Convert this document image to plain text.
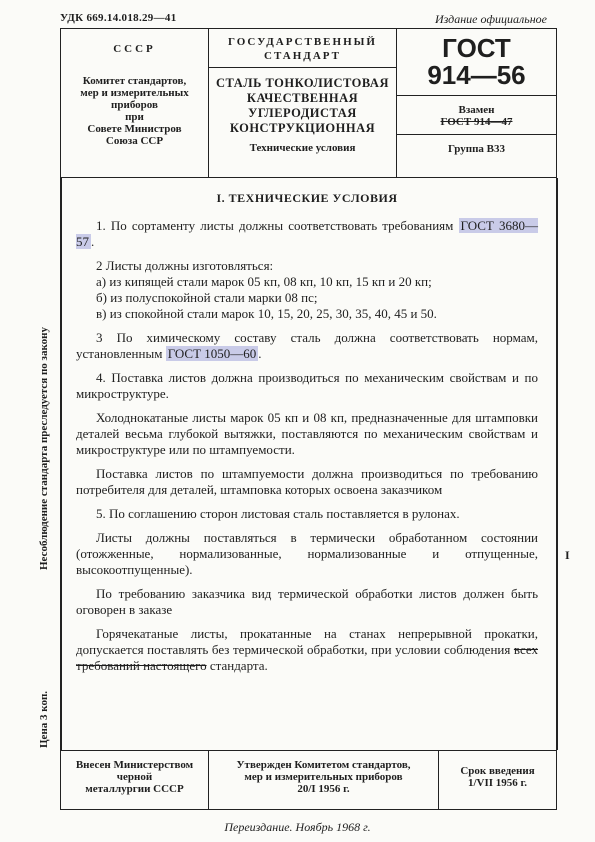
УДК 669.14.018.29—41	Издание официальное
СССР
Комитет стандартов,
мер и измерительных
приборов
при
Совете Министров
Союза ССР
ГОСУДАРСТВЕННЫЙ
СТАНДАРТ
СТАЛЬ ТОНКОЛИСТОВАЯ
КАЧЕСТВЕННАЯ
УГЛЕРОДИСТАЯ
КОНСТРУКЦИОННАЯ
Технические условия
ГОСТ
914—56
Взамен
ГОСТ 914—47
Группа В33
Несоблюдение стандарта преследуется по закону
Цена 3 коп.
I
I. ТЕХНИЧЕСКИЕ УСЛОВИЯ

1. По сортаменту листы должны соответствовать требованиям ГОСТ 3680—57 .

2 Листы должны изготовляться:

а) из кипящей стали марок 05 кп, 08 кп, 10 кп, 15 кп и 20 кп;

б) из полуспокойной стали марки 08 пс;

в) из спокойной стали марок 10, 15, 20, 25, 30, 35, 40, 45 и 50.

3 По химическому составу сталь должна соответствовать нормам, установленным ГОСТ 1050—60 .

4. Поставка листов должна производиться по механическим свойствам и по микроструктуре.

Холоднокатаные листы марок 05 кп и 08 кп, предназначенные для штамповки деталей весьма глубокой вытяжки, поставляются по механическим свойствам и микроструктуре или по штампуемости.

Поставка листов по штампуемости должна производиться по требованию потребителя для деталей, штамповка которых освоена заказчиком

5. По соглашению сторон листовая сталь поставляется в рулонах.

Листы должны поставляться в термически обработанном состоянии (отожженные, нормализованные, нормализованные и отпущенные, высокоотпущенные).

По требованию заказчика вид термической обработки листов должен быть оговорен в заказе

Горячекатаные листы, прокатанные на станах непрерывной прокатки, допускается поставлять без термической обработки, при условии соблюдения всех требований настоящего стандарта.

Внесен Министерством
черной
металлургии СССР
Утвержден Комитетом стандартов,
мер и измерительных приборов
20/I 1956 г.
Срок введения
1/VII 1956 г.
Переиздание. Ноябрь 1968 г.
